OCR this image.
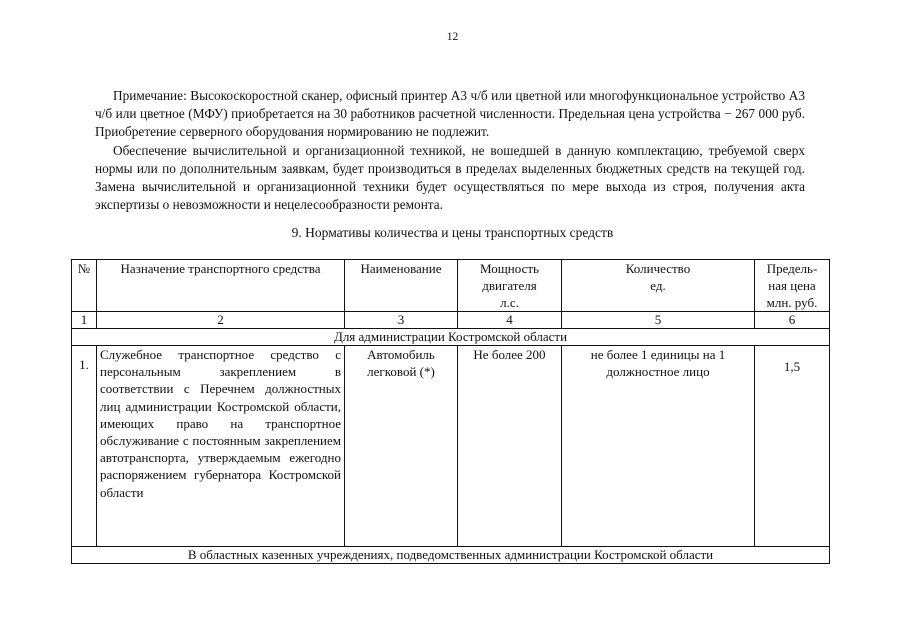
12

Примечание: Высокоскоростной сканер, офисный принтер А3 ч/б или цветной или многофункциональное устройство А3 ч/б или цветное (МФУ) приобретается на 30 работников расчетной численности. Предельная цена устройства − 267 000 руб. Приобретение серверного оборудования нормированию не подлежит.

Обеспечение вычислительной и организационной техникой, не вошедшей в данную комплектацию, требуемой сверх нормы или по дополнительным заявкам, будет производиться в пределах выделенных бюджетных средств на текущей год. Замена вычислительной и организационной техники будет осуществляться по мере выхода из строя, получения акта экспертизы о невозможности и нецелесообразности ремонта.

9. Нормативы количества и цены транспортных средств
№	Назначение транспортного средства	Наименование	Мощность двигателя л.с.	Количество ед.	Предель-ная цена млн. руб.
1	2	3	4	5	6
Для администрации Костромской области					
1.	Служебное транспортное средство с персональным закреплением в соответствии с Перечнем должностных лиц администрации Костромской области, имеющих право на транспортное обслуживание с постоянным закреплением автотранспорта, утверждаемым ежегодно распоряжением губернатора Костромской области	Автомобиль легковой (*)	Не более 200	не более 1 единицы на 1 должностное лицо	1,5
В областных казенных учреждениях, подведомственных администрации Костромской области					
